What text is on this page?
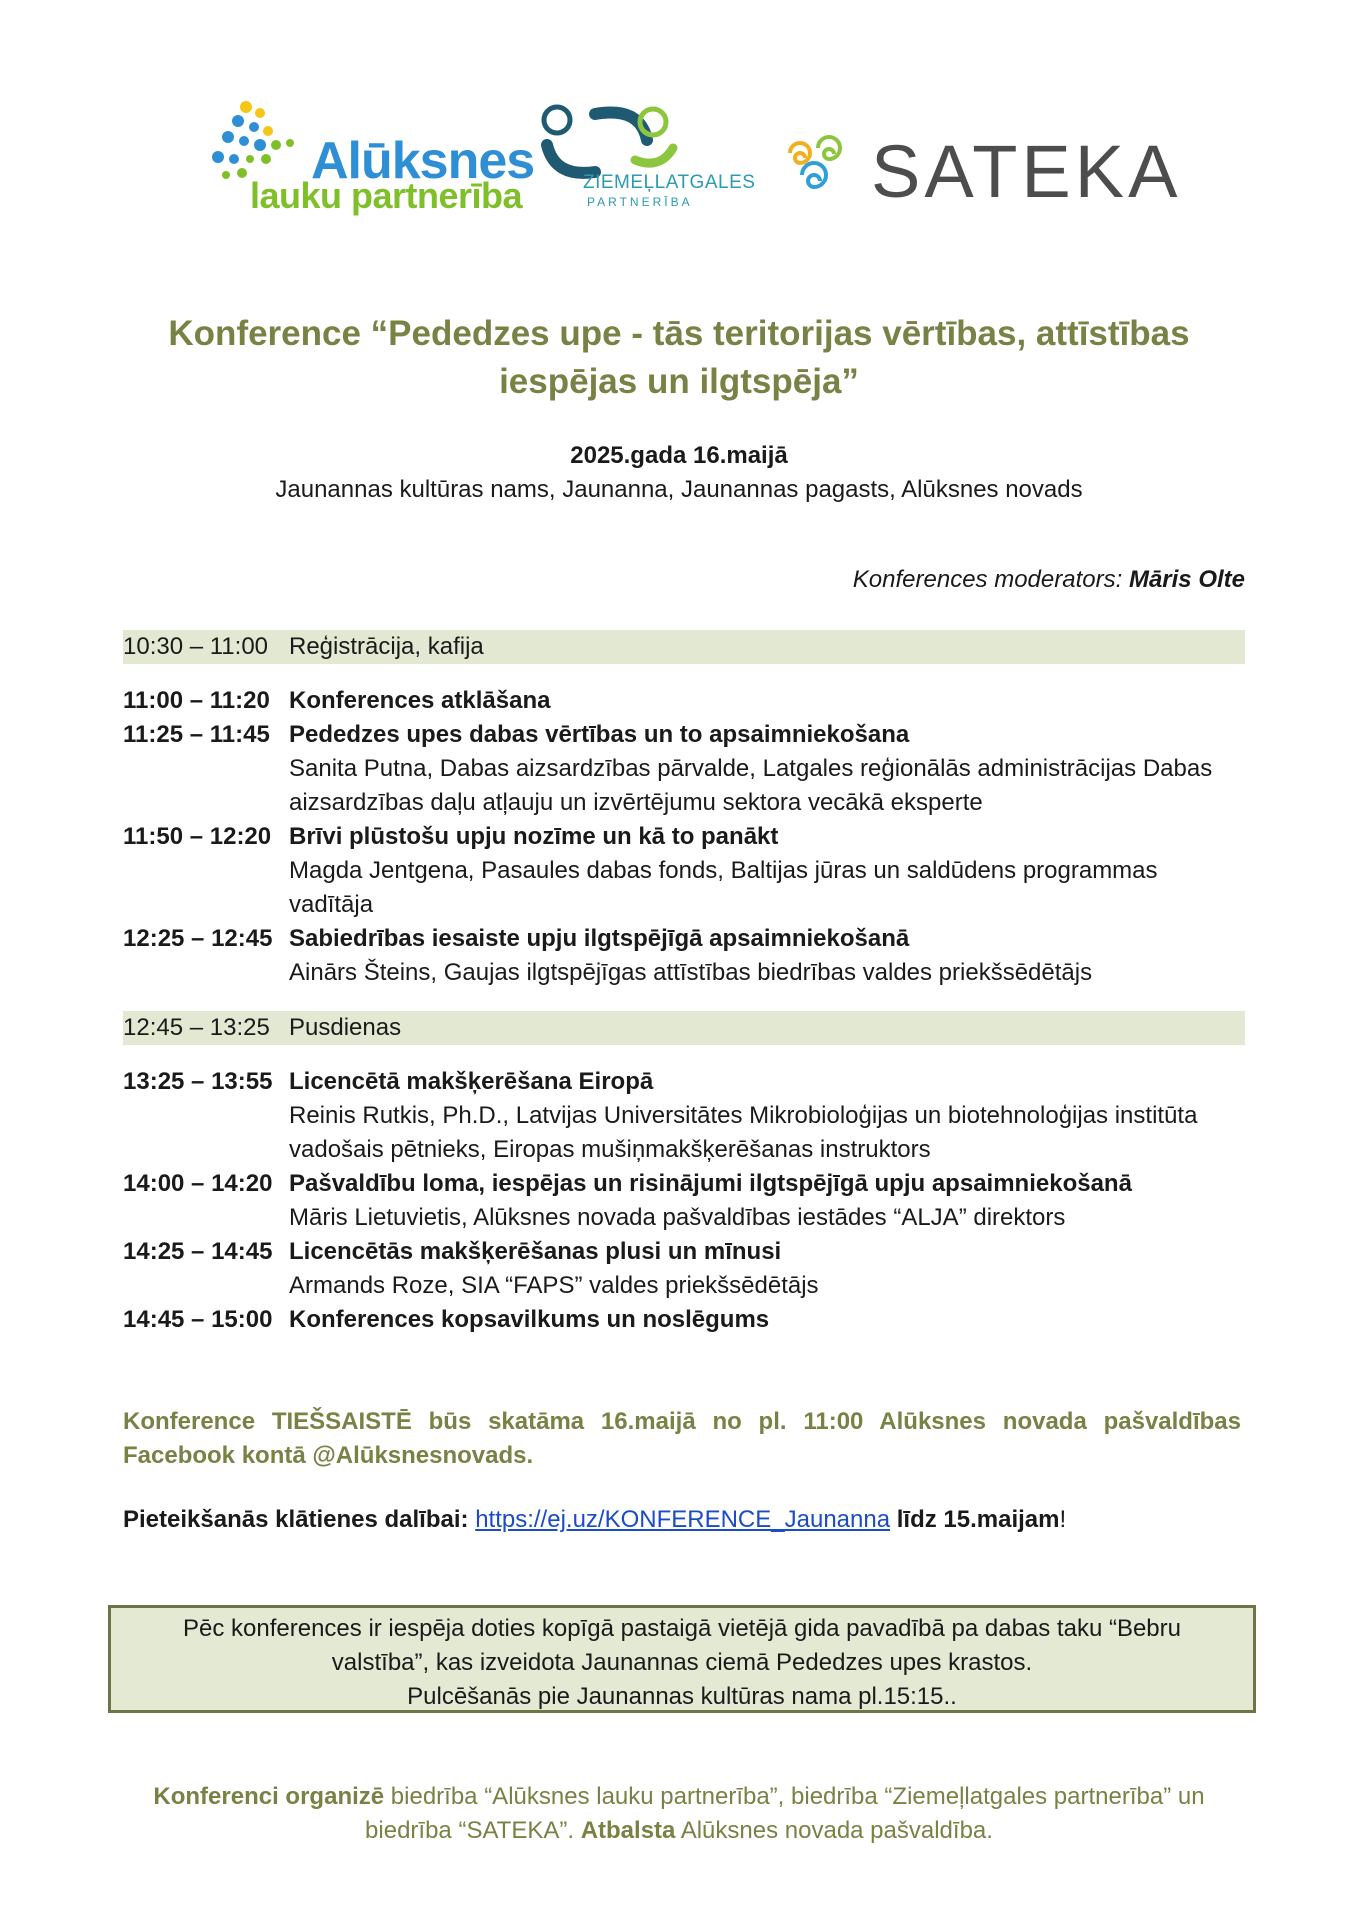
Alūksnes
lauku partnerība	ZIEMEĻLATGALES
PARTNERĪBA SATEKA
Konference “Pededzes upe - tās teritorijas vērtības, attīstības iespējas un ilgtspēja”
2025.gada 16.maijā
Jaunannas kultūras nams, Jaunanna, Jaunannas pagasts, Alūksnes novads
Konferences moderators: Māris Olte
10:30 – 11:00 Reģistrācija, kafija
11:00 – 11:20 Konferences atklāšana
11:25 – 11:45 Pededzes upes dabas vērtības un to apsaimniekošana
Sanita Putna, Dabas aizsardzības pārvalde, Latgales reģionālās administrācijas Dabas aizsardzības daļu atļauju un izvērtējumu sektora vecākā eksperte
11:50 – 12:20 Brīvi plūstošu upju nozīme un kā to panākt
Magda Jentgena, Pasaules dabas fonds, Baltijas jūras un saldūdens programmas vadītāja
12:25 – 12:45 Sabiedrības iesaiste upju ilgtspējīgā apsaimniekošanā
Ainārs Šteins, Gaujas ilgtspējīgas attīstības biedrības valdes priekšsēdētājs
12:45 – 13:25 Pusdienas
13:25 – 13:55 Licencētā makšķerēšana Eiropā
Reinis Rutkis, Ph.D., Latvijas Universitātes Mikrobioloģijas un biotehnoloģijas institūta vadošais pētnieks, Eiropas mušiņmakšķerēšanas instruktors
14:00 – 14:20 Pašvaldību loma, iespējas un risinājumi ilgtspējīgā upju apsaimniekošanā
Māris Lietuvietis, Alūksnes novada pašvaldības iestādes “ALJA” direktors
14:25 – 14:45 Licencētās makšķerēšanas plusi un mīnusi
Armands Roze, SIA “FAPS” valdes priekšsēdētājs
14:45 – 15:00 Konferences kopsavilkums un noslēgums
Konference TIEŠSAISTĒ būs skatāma 16.maijā no pl. 11:00 Alūksnes novada pašvaldības Facebook kontā @Alūksnesnovads.
Pieteikšanās klātienes dalībai: https://ej.uz/KONFERENCE_Jaunanna līdz 15.maijam!
Pēc konferences ir iespēja doties kopīgā pastaigā vietējā gida pavadībā pa dabas taku “Bebru
valstība”, kas izveidota Jaunannas ciemā Pededzes upes krastos.
Pulcēšanās pie Jaunannas kultūras nama pl.15:15..
Konferenci organizē biedrība “Alūksnes lauku partnerība”, biedrība “Ziemeļlatgales partnerība” un biedrība “SATEKA”. Atbalsta Alūksnes novada pašvaldība.
